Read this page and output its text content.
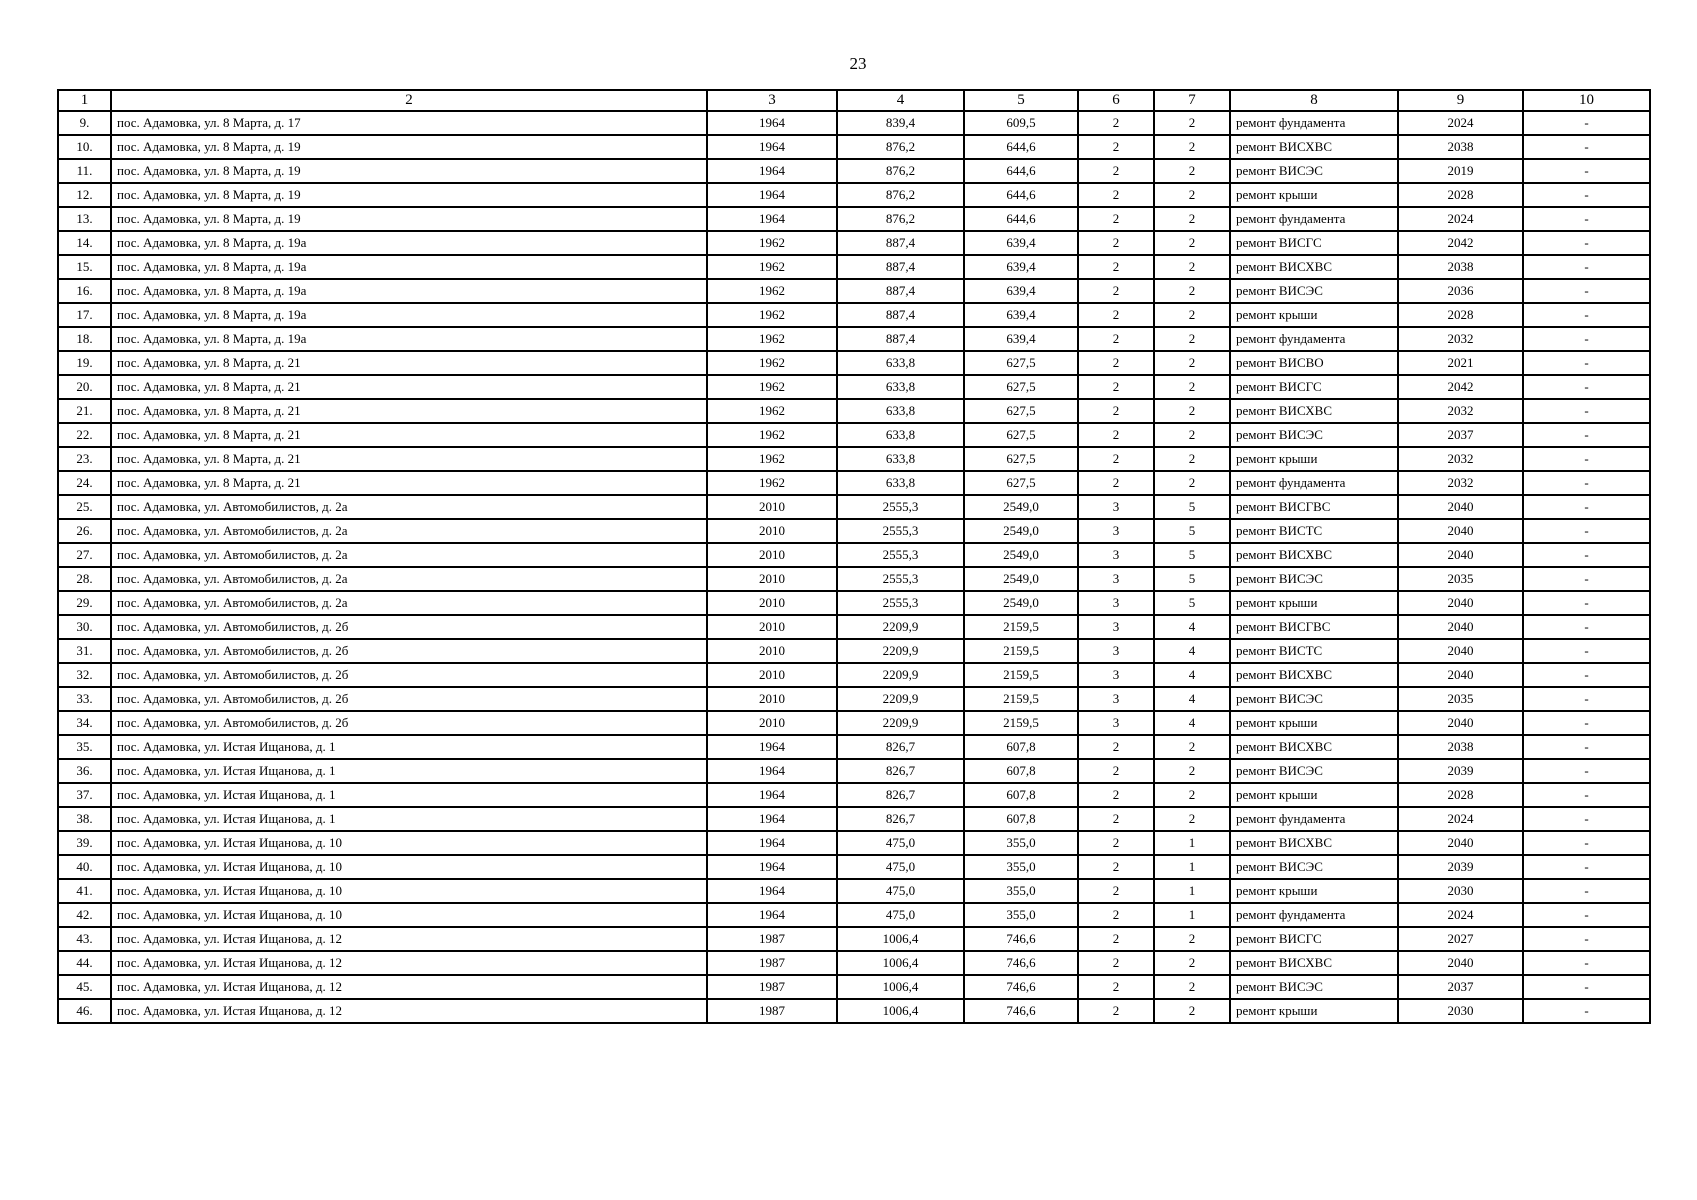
23
1	2	3	4	5	6	7	8	9	10
9.	пос. Адамовка, ул. 8 Марта, д. 17	1964	839,4	609,5	2	2	ремонт фундамента	2024	-
10.	пос. Адамовка, ул. 8 Марта, д. 19	1964	876,2	644,6	2	2	ремонт ВИСХВС	2038	-
11.	пос. Адамовка, ул. 8 Марта, д. 19	1964	876,2	644,6	2	2	ремонт ВИСЭС	2019	-
12.	пос. Адамовка, ул. 8 Марта, д. 19	1964	876,2	644,6	2	2	ремонт крыши	2028	-
13.	пос. Адамовка, ул. 8 Марта, д. 19	1964	876,2	644,6	2	2	ремонт фундамента	2024	-
14.	пос. Адамовка, ул. 8 Марта, д. 19а	1962	887,4	639,4	2	2	ремонт ВИСГС	2042	-
15.	пос. Адамовка, ул. 8 Марта, д. 19а	1962	887,4	639,4	2	2	ремонт ВИСХВС	2038	-
16.	пос. Адамовка, ул. 8 Марта, д. 19а	1962	887,4	639,4	2	2	ремонт ВИСЭС	2036	-
17.	пос. Адамовка, ул. 8 Марта, д. 19а	1962	887,4	639,4	2	2	ремонт крыши	2028	-
18.	пос. Адамовка, ул. 8 Марта, д. 19а	1962	887,4	639,4	2	2	ремонт фундамента	2032	-
19.	пос. Адамовка, ул. 8 Марта, д. 21	1962	633,8	627,5	2	2	ремонт ВИСВО	2021	-
20.	пос. Адамовка, ул. 8 Марта, д. 21	1962	633,8	627,5	2	2	ремонт ВИСГС	2042	-
21.	пос. Адамовка, ул. 8 Марта, д. 21	1962	633,8	627,5	2	2	ремонт ВИСХВС	2032	-
22.	пос. Адамовка, ул. 8 Марта, д. 21	1962	633,8	627,5	2	2	ремонт ВИСЭС	2037	-
23.	пос. Адамовка, ул. 8 Марта, д. 21	1962	633,8	627,5	2	2	ремонт крыши	2032	-
24.	пос. Адамовка, ул. 8 Марта, д. 21	1962	633,8	627,5	2	2	ремонт фундамента	2032	-
25.	пос. Адамовка, ул. Автомобилистов, д. 2а	2010	2555,3	2549,0	3	5	ремонт ВИСГВС	2040	-
26.	пос. Адамовка, ул. Автомобилистов, д. 2а	2010	2555,3	2549,0	3	5	ремонт ВИСТС	2040	-
27.	пос. Адамовка, ул. Автомобилистов, д. 2а	2010	2555,3	2549,0	3	5	ремонт ВИСХВС	2040	-
28.	пос. Адамовка, ул. Автомобилистов, д. 2а	2010	2555,3	2549,0	3	5	ремонт ВИСЭС	2035	-
29.	пос. Адамовка, ул. Автомобилистов, д. 2а	2010	2555,3	2549,0	3	5	ремонт крыши	2040	-
30.	пос. Адамовка, ул. Автомобилистов, д. 2б	2010	2209,9	2159,5	3	4	ремонт ВИСГВС	2040	-
31.	пос. Адамовка, ул. Автомобилистов, д. 2б	2010	2209,9	2159,5	3	4	ремонт ВИСТС	2040	-
32.	пос. Адамовка, ул. Автомобилистов, д. 2б	2010	2209,9	2159,5	3	4	ремонт ВИСХВС	2040	-
33.	пос. Адамовка, ул. Автомобилистов, д. 2б	2010	2209,9	2159,5	3	4	ремонт ВИСЭС	2035	-
34.	пос. Адамовка, ул. Автомобилистов, д. 2б	2010	2209,9	2159,5	3	4	ремонт крыши	2040	-
35.	пос. Адамовка, ул. Истая Ищанова, д. 1	1964	826,7	607,8	2	2	ремонт ВИСХВС	2038	-
36.	пос. Адамовка, ул. Истая Ищанова, д. 1	1964	826,7	607,8	2	2	ремонт ВИСЭС	2039	-
37.	пос. Адамовка, ул. Истая Ищанова, д. 1	1964	826,7	607,8	2	2	ремонт крыши	2028	-
38.	пос. Адамовка, ул. Истая Ищанова, д. 1	1964	826,7	607,8	2	2	ремонт фундамента	2024	-
39.	пос. Адамовка, ул. Истая Ищанова, д. 10	1964	475,0	355,0	2	1	ремонт ВИСХВС	2040	-
40.	пос. Адамовка, ул. Истая Ищанова, д. 10	1964	475,0	355,0	2	1	ремонт ВИСЭС	2039	-
41.	пос. Адамовка, ул. Истая Ищанова, д. 10	1964	475,0	355,0	2	1	ремонт крыши	2030	-
42.	пос. Адамовка, ул. Истая Ищанова, д. 10	1964	475,0	355,0	2	1	ремонт фундамента	2024	-
43.	пос. Адамовка, ул. Истая Ищанова, д. 12	1987	1006,4	746,6	2	2	ремонт ВИСГС	2027	-
44.	пос. Адамовка, ул. Истая Ищанова, д. 12	1987	1006,4	746,6	2	2	ремонт ВИСХВС	2040	-
45.	пос. Адамовка, ул. Истая Ищанова, д. 12	1987	1006,4	746,6	2	2	ремонт ВИСЭС	2037	-
46.	пос. Адамовка, ул. Истая Ищанова, д. 12	1987	1006,4	746,6	2	2	ремонт крыши	2030	-
